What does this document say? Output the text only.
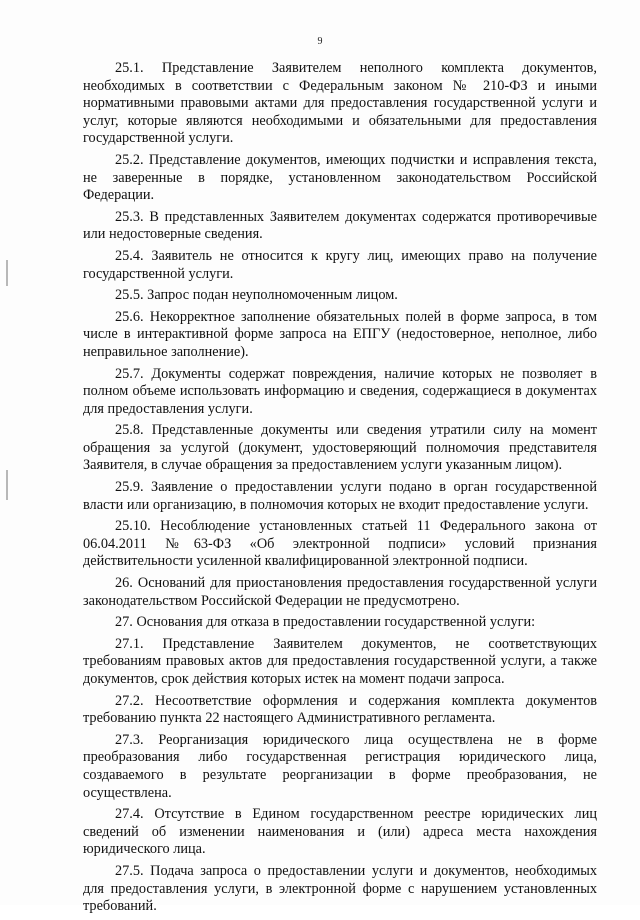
9

25.1. Представление Заявителем неполного комплекта документов, необходимых в соответствии с Федеральным законом № 210-ФЗ и иными нормативными правовыми актами для предоставления государственной услуги и услуг, которые являются необходимыми и обязательными для предоставления государственной услуги.

25.2. Представление документов, имеющих подчистки и исправления текста, не заверенные в порядке, установленном законодательством Российской Федерации.

25.3. В представленных Заявителем документах содержатся противоречивые или недостоверные сведения.

25.4. Заявитель не относится к кругу лиц, имеющих право на получение государственной услуги.

25.5. Запрос подан неуполномоченным лицом.

25.6. Некорректное заполнение обязательных полей в форме запроса, в том числе в интерактивной форме запроса на ЕПГУ (недостоверное, неполное, либо неправильное заполнение).

25.7. Документы содержат повреждения, наличие которых не позволяет в полном объеме использовать информацию и сведения, содержащиеся в документах для предоставления услуги.

25.8. Представленные документы или сведения утратили силу на момент обращения за услугой (документ, удостоверяющий полномочия представителя Заявителя, в случае обращения за предоставлением услуги указанным лицом).

25.9. Заявление о предоставлении услуги подано в орган государственной власти или организацию, в полномочия которых не входит предоставление услуги.

25.10. Несоблюдение установленных статьей 11 Федерального закона от 06.04.2011 №63-ФЗ «Об электронной подписи» условий признания действительности усиленной квалифицированной электронной подписи.

26. Оснований для приостановления предоставления государственной услуги законодательством Российской Федерации не предусмотрено.

27. Основания для отказа в предоставлении государственной услуги:

27.1. Представление Заявителем документов, не соответствующих требованиям правовых актов для предоставления государственной услуги, а также документов, срок действия которых истек на момент подачи запроса.

27.2. Несоответствие оформления и содержания комплекта документов требованию пункта 22 настоящего Административного регламента.

27.3. Реорганизация юридического лица осуществлена не в форме преобразования либо государственная регистрация юридического лица, создаваемого в результате реорганизации в форме преобразования, не осуществлена.

27.4. Отсутствие в Едином государственном реестре юридических лиц сведений об изменении наименования и (или) адреса места нахождения юридического лица.

27.5. Подача запроса о предоставлении услуги и документов, необходимых для предоставления услуги, в электронной форме с нарушением установленных требований.
